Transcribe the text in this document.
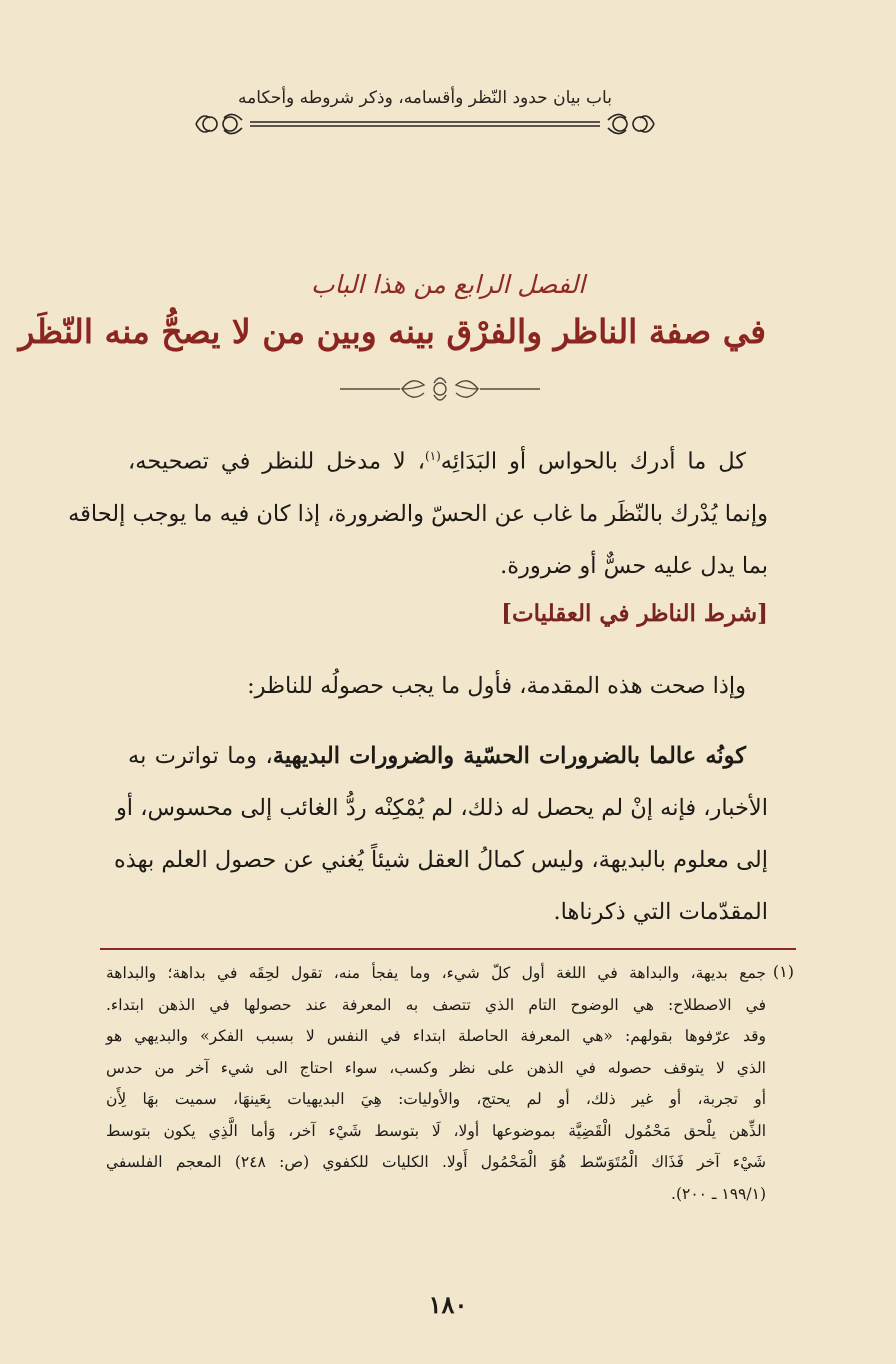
باب بيان حدود النّظر وأقسامه، وذكر شروطه وأحكامه
الفصل الرابع من هذا الباب
في صفة الناظر والفرْق بينه وبين من لا يصحُّ منه النّظَر
كل ما أدرك بالحواس أو البَدَائِه$^{(١)}$، لا مدخل للنظر في تصحيحه،
وإنما يُدْرك بالنّظَر ما غاب عن الحسّ والضرورة، إذا كان فيه ما يوجب إلحاقه
بما يدل عليه حسٌّ أو ضرورة.
[شرط الناظر في العقليات]
وإذا صحت هذه المقدمة، فأول ما يجب حصولُه للناظر:
كونُه عالما بالضرورات الحسّية والضرورات البديهية، وما تواترت به
الأخبار، فإنه إنْ لم يحصل له ذلك، لم يُمْكِنْه ردُّ الغائب إلى محسوس، أو
إلى معلوم بالبديهة، وليس كمالُ العقل شيئاً يُغني عن حصول العلم بهذه
المقدّمات التي ذكرناها.
(١)
جمع بديهة، والبداهة في اللغة أول كلّ شيء، وما يفجأ منه، تقول لحِقَه في بداهة؛ والبداهة
في الاصطلاح: هي الوضوح التام الذي تتصف به المعرفة عند حصولها في الذهن ابتداء.
وقد عرّفوها بقولهم: «هي المعرفة الحاصلة ابتداء في النفس لا بسبب الفكر» والبديهي هو
الذي لا يتوقف حصوله في الذهن على نظر وكسب، سواء احتاج الى شيء آخر من حدس
أو تجربة، أو غير ذلك، أو لم يحتج، والأوليات: هِيَ البديهيات بِعَينهَا، سميت بهَا لِأَن
الذِّهن يلْحق مَحْمُول الْقَضِيَّة بموضوعها أولا، لَا بتوسط شَيْء آخر، وَأما الَّذِي يكون بتوسط
شَيْء آخر فَذَاك الْمُتَوَسّط هُوَ الْمَحْمُول أَولا. الكليات للكفوي (ص: ٢٤٨) المعجم الفلسفي
(١٩٩/١ ـ ٢٠٠).
١٨٠
